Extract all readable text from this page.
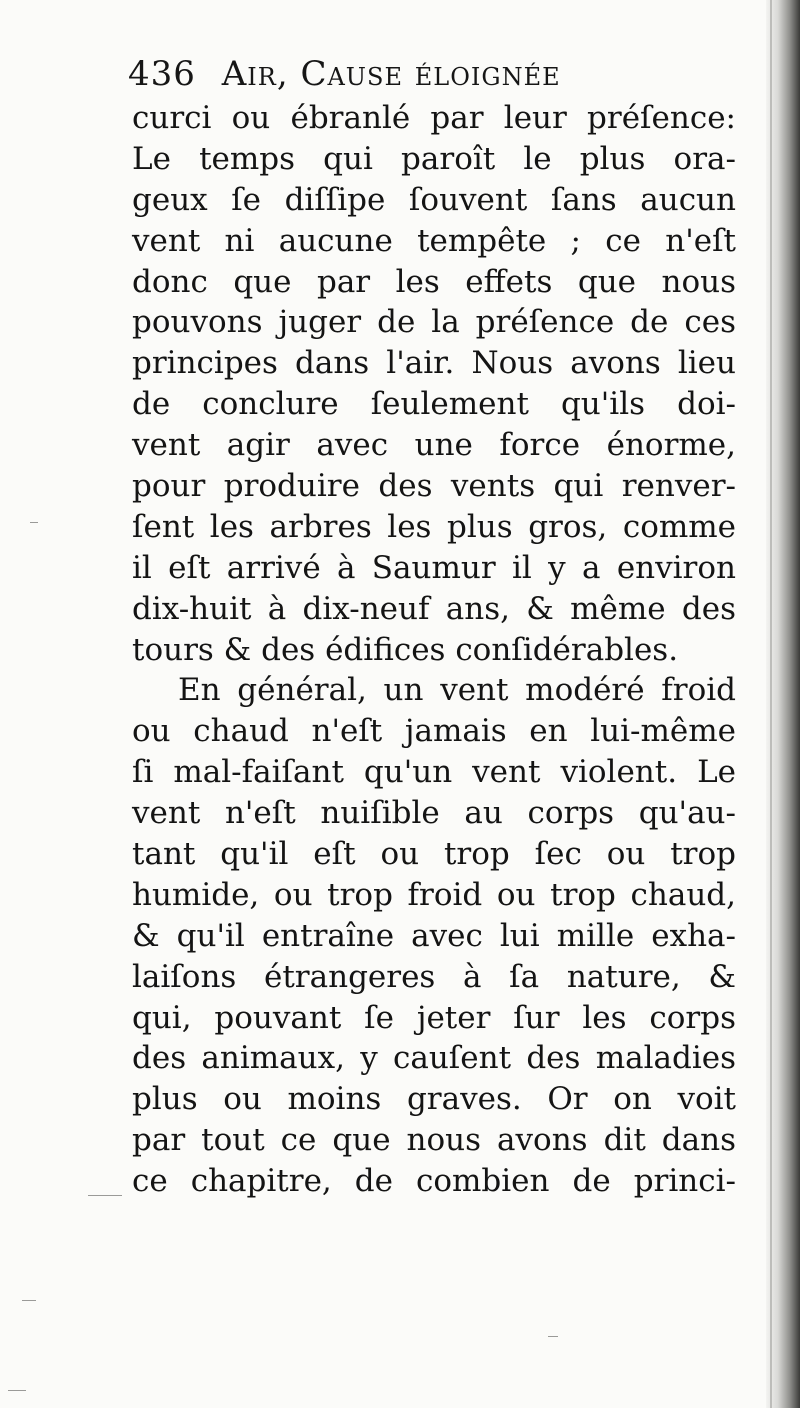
436 Air, Cause éloignée
curci ou ébranlé par leur préſence:
Le temps qui paroît le plus ora-
geux ſe diſſipe ſouvent ſans aucun
vent ni aucune tempête ; ce n'eſt
donc que par les effets que nous
pouvons juger de la préſence de ces
principes dans l'air. Nous avons lieu
de conclure ſeulement qu'ils doi-
vent agir avec une force énorme,
pour produire des vents qui renver-
ſent les arbres les plus gros, comme
il eſt arrivé à Saumur il y a environ
dix-huit à dix-neuf ans, & même des
tours & des édifices conſidérables.
En général, un vent modéré froid
ou chaud n'eſt jamais en lui-même
ſi mal-faiſant qu'un vent violent. Le
vent n'eſt nuiſible au corps qu'au-
tant qu'il eſt ou trop ſec ou trop
humide, ou trop froid ou trop chaud,
& qu'il entraîne avec lui mille exha-
laiſons étrangeres à ſa nature, &
qui, pouvant ſe jeter ſur les corps
des animaux, y cauſent des maladies
plus ou moins graves. Or on voit
par tout ce que nous avons dit dans
ce chapitre, de combien de princi-
